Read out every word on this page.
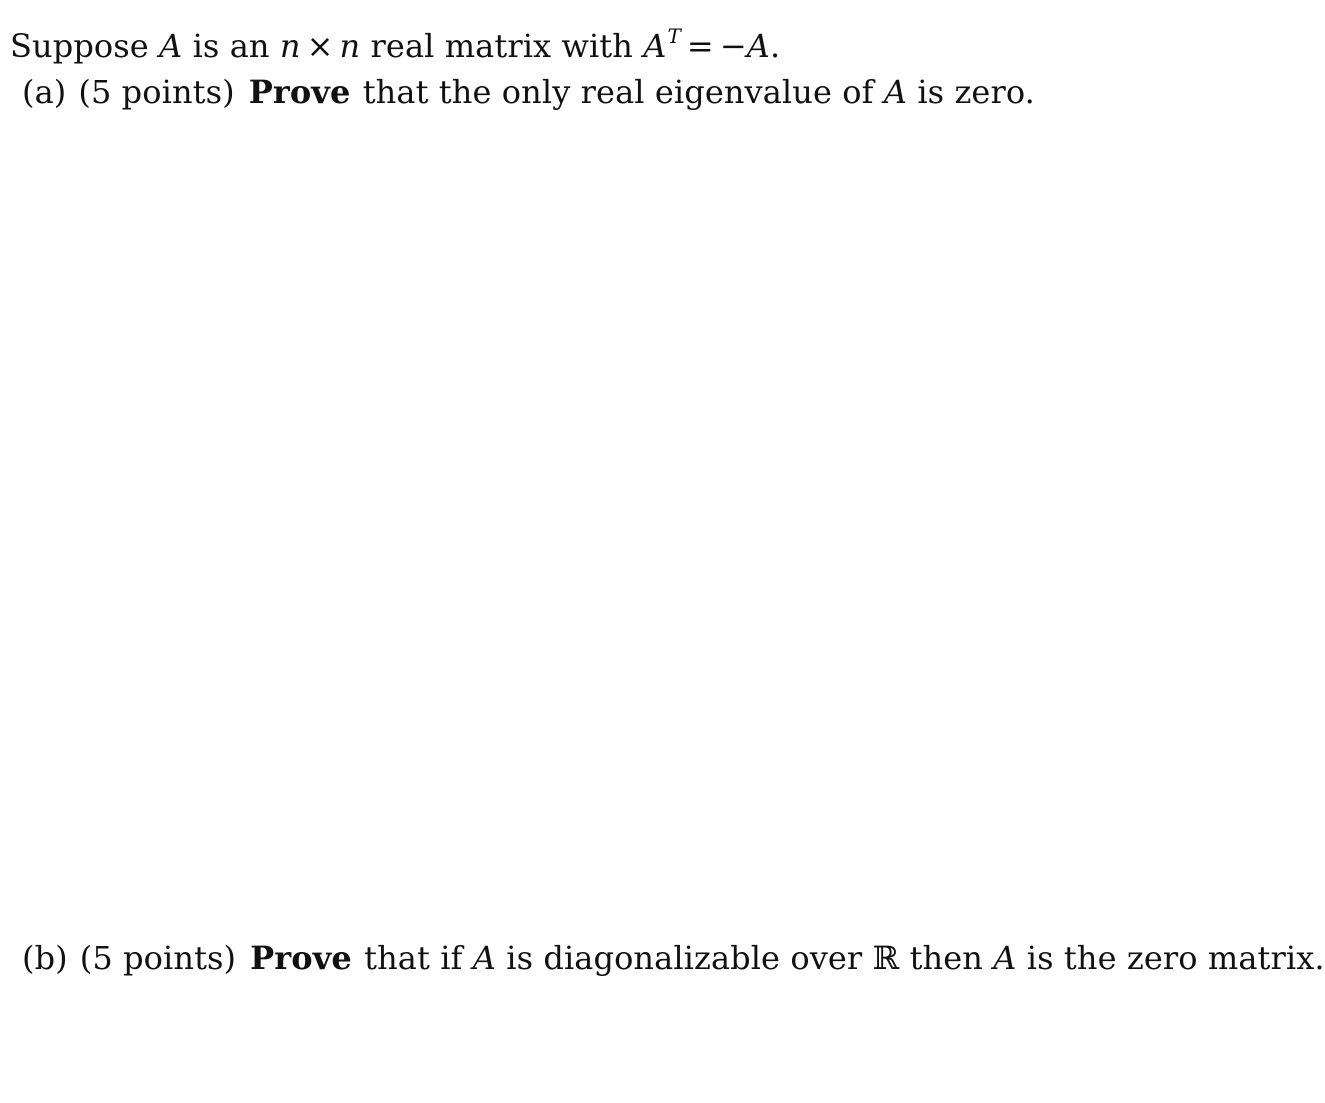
Suppose A is an n × n real matrix with $A^T = -A$.
(a) (5 points) Prove that the only real eigenvalue of A is zero.
(b) (5 points) Prove that if A is diagonalizable over ℝ then A is the zero matrix.
